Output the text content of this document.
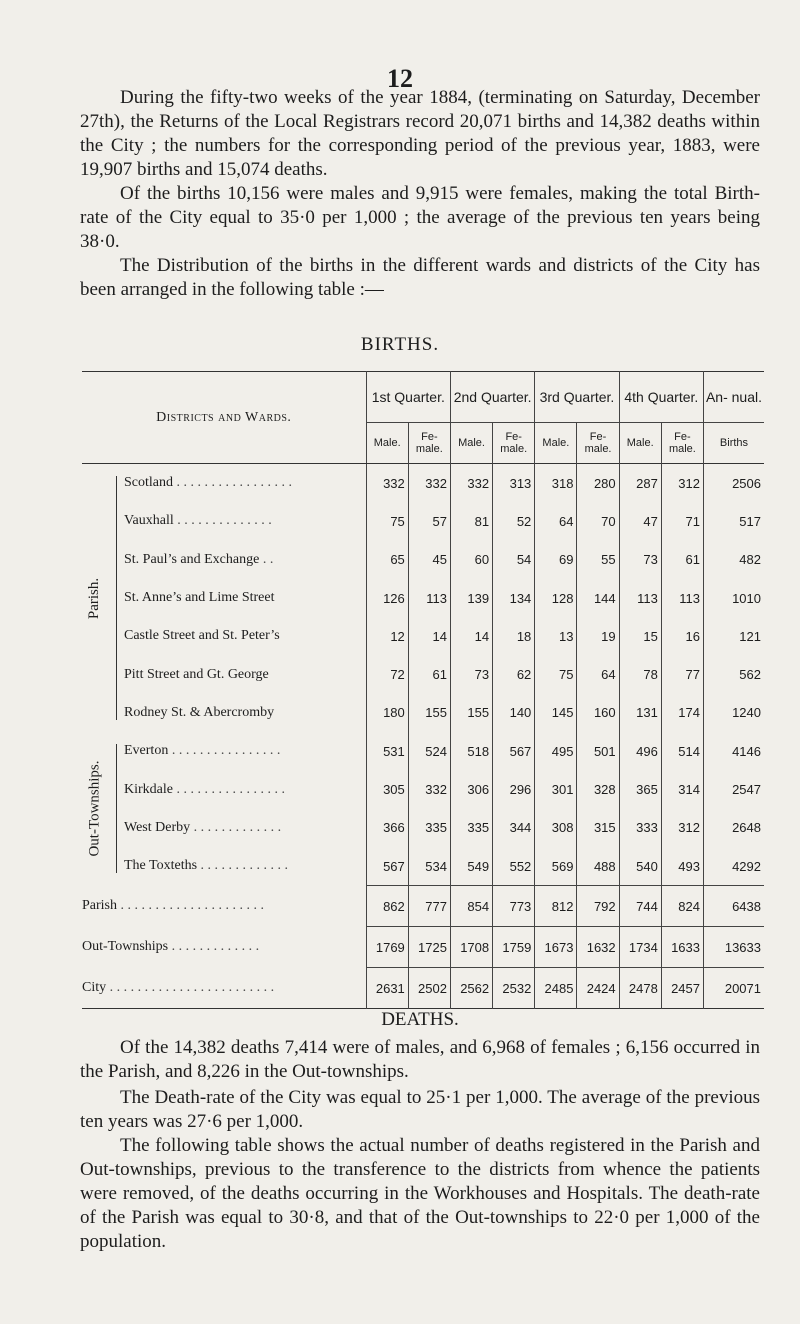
12

During the fifty-two weeks of the year 1884, (terminating on Saturday, December 27th), the Returns of the Local Registrars record 20,071 births and 14,382 deaths within the City ; the numbers for the corresponding period of the previous year, 1883, were 19,907 births and 15,074 deaths.

Of the births 10,156 were males and 9,915 were females, making the total Birth-rate of the City equal to 35·0 per 1,000 ; the average of the previous ten years being 38·0.

The Distribution of the births in the different wards and districts of the City has been arranged in the following table :—

BIRTHS.
Districts and Wards.	1st Quarter.		2nd Quarter.		3rd Quarter.		4th Quarter.		An- nual.
	Male.	Fe- male.	Male.	Fe- male.	Male.	Fe- male.	Male.	Fe- male.	Births

Parish.
Scotland . . . . . . . . . . . . . . . . .	332	332	332	313	318	280	287	312	2506
Vauxhall . . . . . . . . . . . . . .	75	57	81	52	64	70	47	71	517
St. Paul’s and Exchange . .	65	45	60	54	69	55	73	61	482
St. Anne’s and Lime Street	126	113	139	134	128	144	113	113	1010
Castle Street and St. Peter’s	12	14	14	18	13	19	15	16	121
Pitt Street and Gt. George	72	61	73	62	75	64	78	77	562
Rodney St. & Abercromby	180	155	155	140	145	160	131	174	1240

Out-Townships.
Everton . . . . . . . . . . . . . . . .	531	524	518	567	495	501	496	514	4146
Kirkdale . . . . . . . . . . . . . . . .	305	332	306	296	301	328	365	314	2547
West Derby . . . . . . . . . . . . .	366	335	335	344	308	315	333	312	2648
The Toxteths . . . . . . . . . . . . .	567	534	549	552	569	488	540	493	4292
Parish . . . . . . . . . . . . . . . . . . . . .	862	777	854	773	812	792	744	824	6438
Out-Townships . . . . . . . . . . . . .	1769	1725	1708	1759	1673	1632	1734	1633	13633
City . . . . . . . . . . . . . . . . . . . . . . . .	2631	2502	2562	2532	2485	2424	2478	2457	20071

DEATHS.

Of the 14,382 deaths 7,414 were of males, and 6,968 of females ; 6,156 occurred in the Parish, and 8,226 in the Out-townships.

The Death-rate of the City was equal to 25·1 per 1,000. The average of the previous ten years was 27·6 per 1,000.

The following table shows the actual number of deaths registered in the Parish and Out-townships, previous to the transference to the districts from whence the patients were removed, of the deaths occurring in the Workhouses and Hospitals. The death-rate of the Parish was equal to 30·8, and that of the Out-townships to 22·0 per 1,000 of the population.
